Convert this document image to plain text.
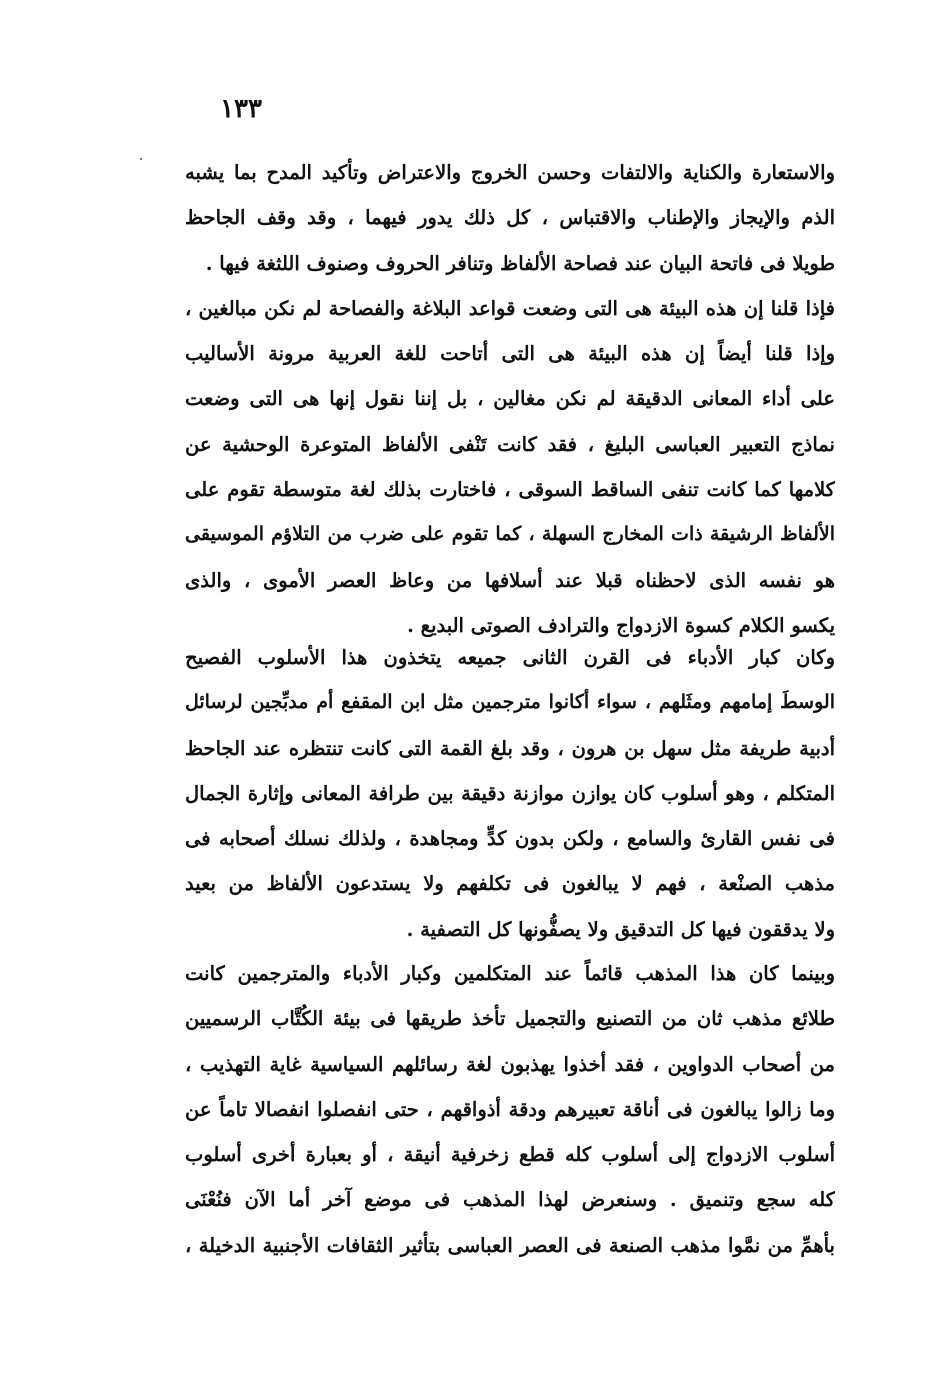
١٣٣
والاستعارة والكناية والالتفات وحسن الخروج والاعتراض وتأكيد المدح بما يشبه
الذم والإيجاز والإطناب والاقتباس ، كل ذلك يدور فيهما ، وقد وقف الجاحظ
طويلا فى فاتحة البيان عند فصاحة الألفاظ وتنافر الحروف وصنوف اللثغة فيها .
فإذا قلنا إن هذه البيئة هى التى وضعت قواعد البلاغة والفصاحة لم نكن مبالغين ،
وإذا قلنا أيضاً إن هذه البيئة هى التى أتاحت للغة العربية مرونة الأساليب
على أداء المعانى الدقيقة لم نكن مغالين ، بل إننا نقول إنها هى التى وضعت
نماذج التعبير العباسى البليغ ، فقد كانت تَنْفى الألفاظ المتوعرة الوحشية عن
كلامها كما كانت تنفى الساقط السوقى ، فاختارت بذلك لغة متوسطة تقوم على
الألفاظ الرشيقة ذات المخارج السهلة ، كما تقوم على ضرب من التلاؤم الموسيقى
هو نفسه الذى لاحظناه قبلا عند أسلافها من وعاظ العصر الأموى ، والذى
يكسو الكلام كسوة الازدواج والترادف الصوتى البديع .
وكان كبار الأدباء فى القرن الثانى جميعه يتخذون هذا الأسلوب الفصيح
الوسطَ إمامهم ومثَلهم ، سواء أكانوا مترجمين مثل ابن المقفع أم مدبِّجين لرسائل
أدبية طريفة مثل سهل بن هرون ، وقد بلغ القمة التى كانت تنتظره عند الجاحظ
المتكلم ، وهو أسلوب كان يوازن موازنة دقيقة بين طرافة المعانى وإثارة الجمال
فى نفس القارئ والسامع ، ولكن بدون كدٍّ ومجاهدة ، ولذلك نسلك أصحابه فى
مذهب الصنْعة ، فهم لا يبالغون فى تكلفهم ولا يستدعون الألفاظ من بعيد
ولا يدققون فيها كل التدقيق ولا يصفُّونها كل التصفية .
وبينما كان هذا المذهب قائماً عند المتكلمين وكبار الأدباء والمترجمين كانت
طلائع مذهب ثان من التصنيع والتجميل تأخذ طريقها فى بيئة الكُتَّاب الرسميين
من أصحاب الدواوين ، فقد أخذوا يهذبون لغة رسائلهم السياسية غاية التهذيب ،
وما زالوا يبالغون فى أناقة تعبيرهم ودقة أذواقهم ، حتى انفصلوا انفصالا تاماً عن
أسلوب الازدواج إلى أسلوب كله قطع زخرفية أنيقة ، أو بعبارة أخرى أسلوب
كله سجع وتنميق . وسنعرض لهذا المذهب فى موضع آخر أما الآن فنُعْنَى
بأهمِّ من نمَّوا مذهب الصنعة فى العصر العباسى بتأثير الثقافات الأجنبية الدخيلة ،
